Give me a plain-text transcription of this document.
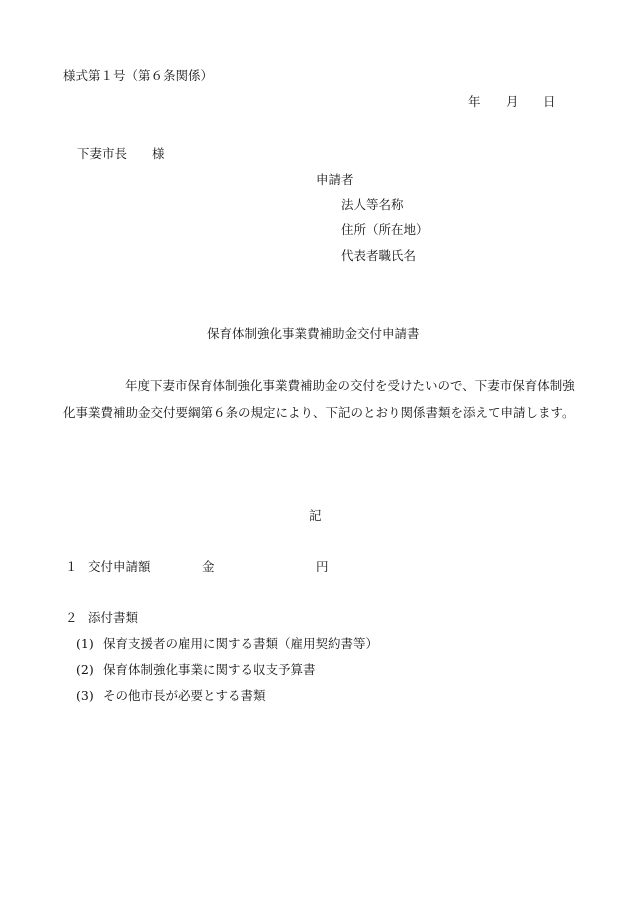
様式第１号（第６条関係）
年 月 日
下妻市長 様
申請者
法人等名称
住所（所在地）
代表者職氏名
保育体制強化事業費補助金交付申請書
年度下妻市保育体制強化事業費補助金の交付を受けたいので、下妻市保育体制強化事業費補助金交付要綱第６条の規定により、下記のとおり関係書類を添えて申請します。
記
１ 交付申請額	金	円
２ 添付書類
(1) 保育支援者の雇用に関する書類（雇用契約書等）
(2) 保育体制強化事業に関する収支予算書
(3) その他市長が必要とする書類
